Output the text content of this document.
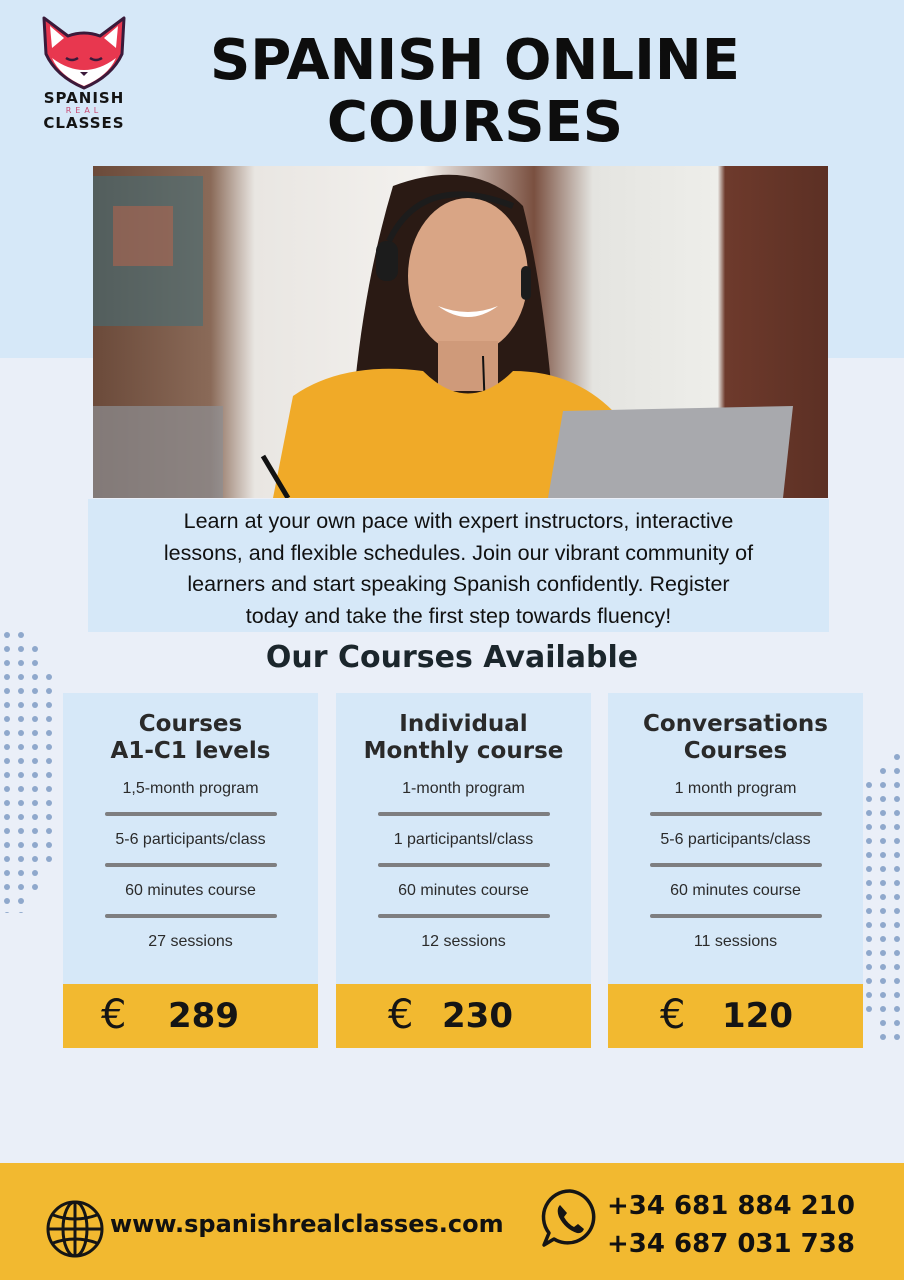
SPANISH
REAL
CLASSES
SPANISH ONLINE
COURSES
Learn at your own pace with expert instructors, interactive
lessons, and flexible schedules. Join our vibrant community of
learners and start speaking Spanish confidently. Register
today and take the first step towards fluency!
Our Courses Available
Courses
A1-C1 levels
1,5-month program
5-6 participants/class
60 minutes course
27 sessions
€ 289
Individual
Monthly course
1-month program
1 participantsl/class
60 minutes course
12 sessions
€ 230
Conversations
Courses
1 month program
5-6 participants/class
60 minutes course
11 sessions
€ 120
www.spanishrealclasses.com
+34 681 884 210
+34 687 031 738
